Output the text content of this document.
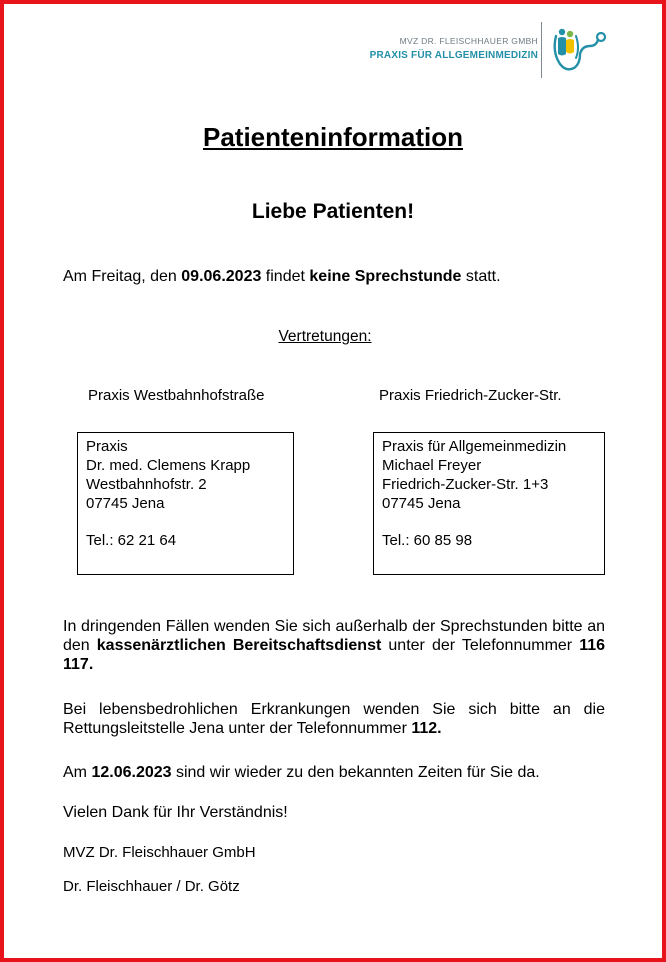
MVZ DR. FLEISCHHAUER GMBH
PRAXIS FÜR ALLGEMEINMEDIZIN
Patienteninformation
Liebe Patienten!
Am Freitag, den 09.06.2023 findet keine Sprechstunde statt.
Vertretungen:
Praxis Westbahnhofstraße	Praxis Friedrich-Zucker-Str.
Praxis
Dr. med. Clemens Krapp
Westbahnhofstr. 2
07745 Jena
Tel.: 62 21 64
Praxis für Allgemeinmedizin
Michael Freyer
Friedrich-Zucker-Str. 1+3
07745 Jena
Tel.: 60 85 98
In dringenden Fällen wenden Sie sich außerhalb der Sprechstunden bitte an den kassenärztlichen Bereitschaftsdienst unter der Telefonnummer 116 117.
Bei lebensbedrohlichen Erkrankungen wenden Sie sich bitte an die Rettungsleitstelle Jena unter der Telefonnummer 112.
Am 12.06.2023 sind wir wieder zu den bekannten Zeiten für Sie da.
Vielen Dank für Ihr Verständnis!
MVZ Dr. Fleischhauer GmbH
Dr. Fleischhauer / Dr. Götz
